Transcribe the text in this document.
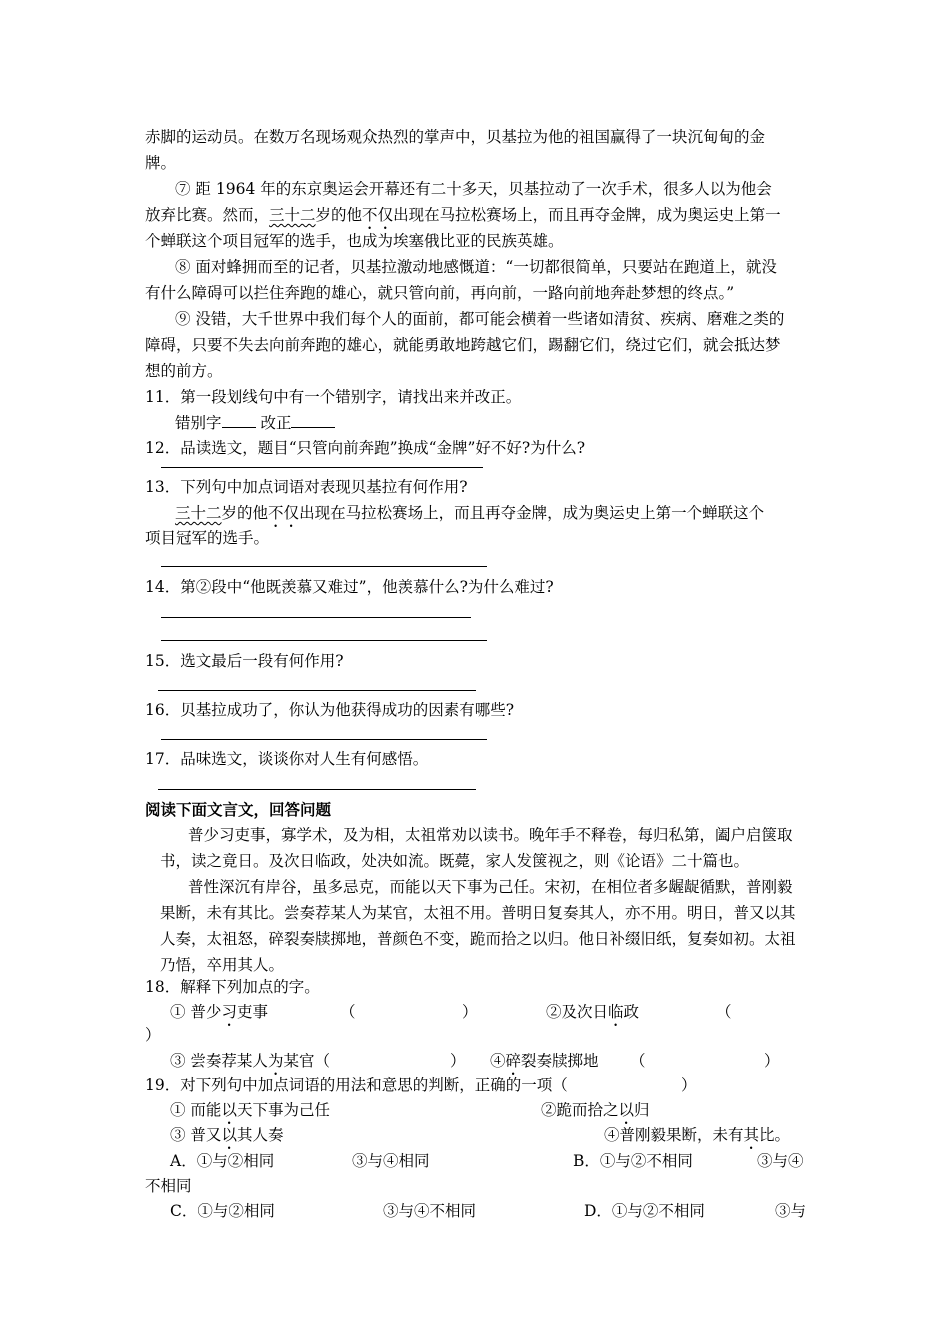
赤脚的运动员。在数万名现场观众热烈的掌声中，贝基拉为他的祖国赢得了一块沉甸甸的金
牌。
⑦ 距 1964 年的东京奥运会开幕还有二十多天，贝基拉动了一次手术，很多人以为他会
放弃比赛。然而，三十二岁的他不仅出现在马拉松赛场上，而且再夺金牌，成为奥运史上第一
个蝉联这个项目冠军的选手，也成为埃塞俄比亚的民族英雄。
⑧ 面对蜂拥而至的记者，贝基拉激动地感慨道：“一切都很简单，只要站在跑道上，就没
有什么障碍可以拦住奔跑的雄心，就只管向前，再向前，一路向前地奔赴梦想的终点。”
⑨ 没错，大千世界中我们每个人的面前，都可能会横着一些诸如清贫、疾病、磨难之类的
障碍，只要不失去向前奔跑的雄心，就能勇敢地跨越它们，踢翻它们，绕过它们，就会抵达梦
想的前方。
11．第一段划线句中有一个错别字，请找出来并改正。
错别字	改正
12．品读选文，题目“只管向前奔跑”换成“金牌”好不好?为什么?
13．下列句中加点词语对表现贝基拉有何作用?
三十二岁的他不仅出现在马拉松赛场上，而且再夺金牌，成为奥运史上第一个蝉联这个
项目冠军的选手。
14．第②段中“他既羡慕又难过”，他羡慕什么?为什么难过?
15．选文最后一段有何作用?
16．贝基拉成功了，你认为他获得成功的因素有哪些?
17．品味选文，谈谈你对人生有何感悟。
阅读下面文言文，回答问题
普少习吏事，寡学术，及为相，太祖常劝以读书。晚年手不释卷，每归私第，阖户启箧取
书，读之竟日。及次日临政，处决如流。既薨，家人发箧视之，则《论语》二十篇也。
普性深沉有岸谷，虽多忌克，而能以天下事为己任。宋初，在相位者多龌龊循默，普刚毅
果断，未有其比。尝奏荐某人为某官，太祖不用。普明日复奏其人，亦不用。明日，普又以其
人奏，太祖怒，碎裂奏牍掷地，普颜色不变，跪而拾之以归。他日补缀旧纸，复奏如初。太祖
乃悟，卒用其人。
18．解释下列加点的字。
① 普少习吏事	（	）	②及次日临政	（
）
③ 尝奏荐某人为某官（	） ④碎裂奏牍掷地 （	）
19．对下列句中加点词语的用法和意思的判断，正确的一项（	）
① 而能以天下事为己任	②跪而拾之以归
③ 普又以其人奏	④普刚毅果断，未有其比。
A．①与②相同	③与④相同	B．①与②不相同	③与④
不相同
C．①与②相同	③与④不相同	D．①与②不相同	③与
